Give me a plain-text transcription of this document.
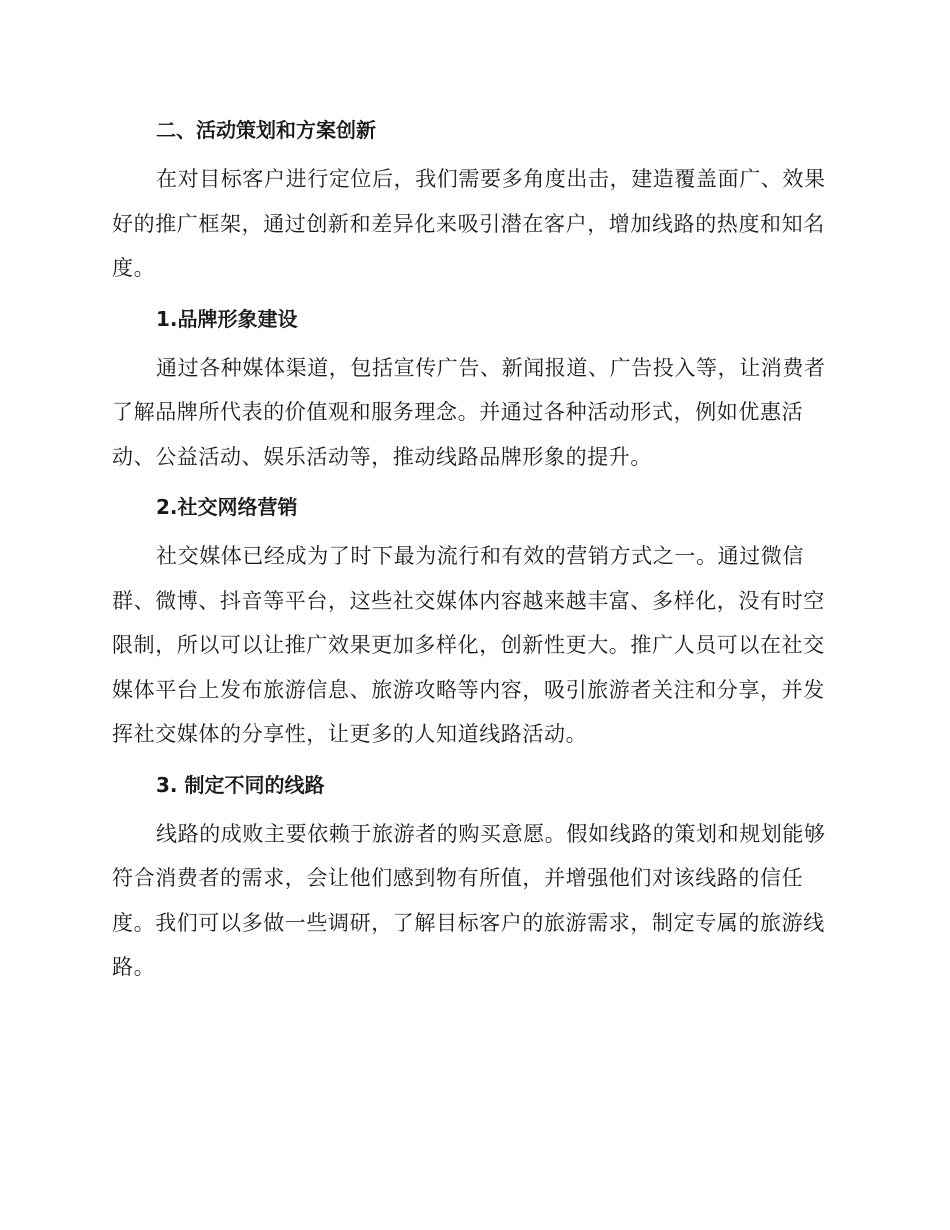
二、活动策划和方案创新

在对目标客户进行定位后，我们需要多角度出击，建造覆盖面广、效果好的推广框架，通过创新和差异化来吸引潜在客户，增加线路的热度和知名度。

1.品牌形象建设

通过各种媒体渠道，包括宣传广告、新闻报道、广告投入等，让消费者了解品牌所代表的价值观和服务理念。并通过各种活动形式，例如优惠活动、公益活动、娱乐活动等，推动线路品牌形象的提升。

2.社交网络营销

社交媒体已经成为了时下最为流行和有效的营销方式之一。通过微信群、微博、抖音等平台，这些社交媒体内容越来越丰富、多样化，没有时空限制，所以可以让推广效果更加多样化，创新性更大。推广人员可以在社交媒体平台上发布旅游信息、旅游攻略等内容，吸引旅游者关注和分享，并发挥社交媒体的分享性，让更多的人知道线路活动。

3. 制定不同的线路

线路的成败主要依赖于旅游者的购买意愿。假如线路的策划和规划能够符合消费者的需求，会让他们感到物有所值，并增强他们对该线路的信任度。我们可以多做一些调研，了解目标客户的旅游需求，制定专属的旅游线路。
